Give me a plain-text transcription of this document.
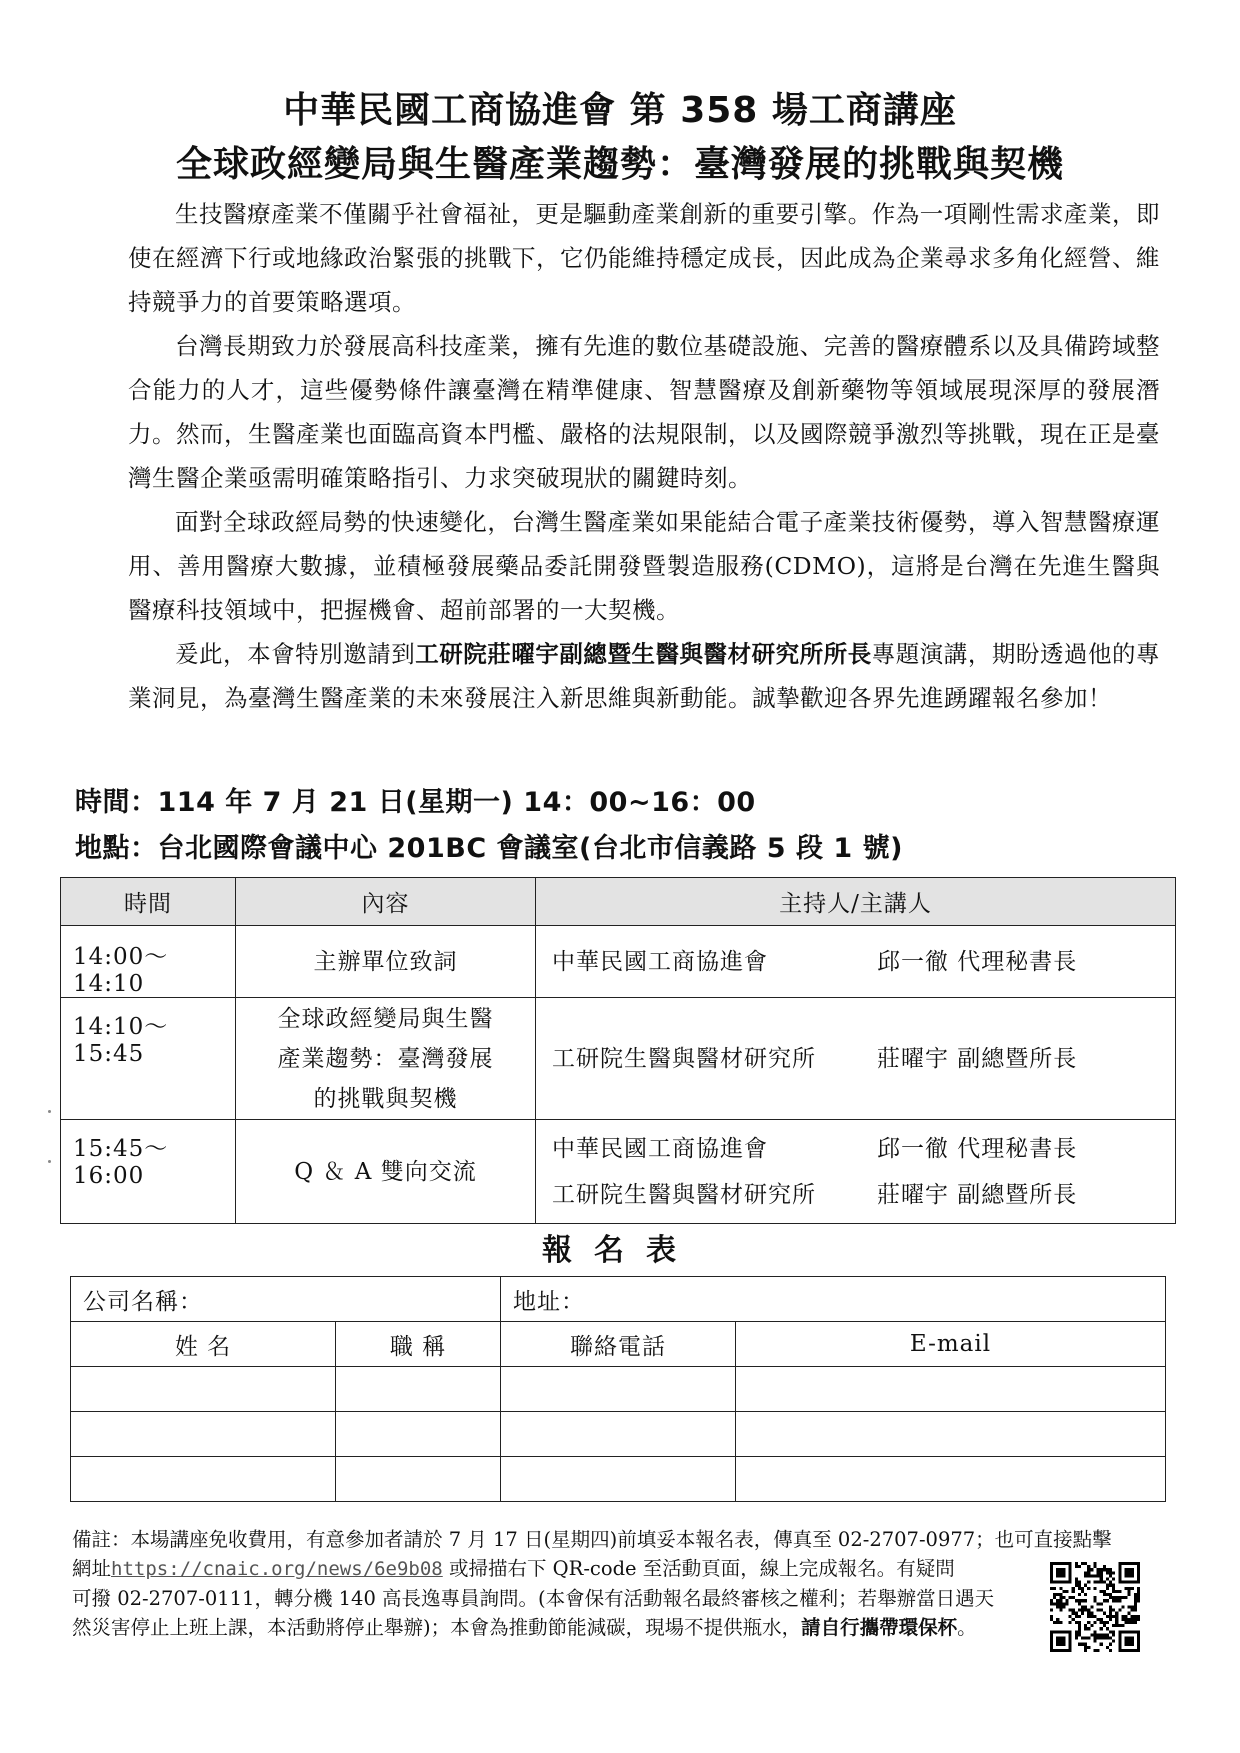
中華民國工商協進會 第 358 場工商講座
全球政經變局與生醫產業趨勢：臺灣發展的挑戰與契機

生技醫療產業不僅關乎社會福祉，更是驅動產業創新的重要引擎。作為一項剛性需求產業，即使在經濟下行或地緣政治緊張的挑戰下，它仍能維持穩定成長，因此成為企業尋求多角化經營、維持競爭力的首要策略選項。

台灣長期致力於發展高科技產業，擁有先進的數位基礎設施、完善的醫療體系以及具備跨域整合能力的人才，這些優勢條件讓臺灣在精準健康、智慧醫療及創新藥物等領域展現深厚的發展潛力。然而，生醫產業也面臨高資本門檻、嚴格的法規限制，以及國際競爭激烈等挑戰，現在正是臺灣生醫企業亟需明確策略指引、力求突破現狀的關鍵時刻。

面對全球政經局勢的快速變化，台灣生醫產業如果能結合電子產業技術優勢，導入智慧醫療運用、善用醫療大數據，並積極發展藥品委託開發暨製造服務(CDMO)，這將是台灣在先進生醫與醫療科技領域中，把握機會、超前部署的一大契機。

爰此，本會特別邀請到工研院莊曜宇副總暨生醫與醫材研究所所長專題演講，期盼透過他的專業洞見，為臺灣生醫產業的未來發展注入新思維與新動能。誠摯歡迎各界先進踴躍報名參加！

時間：114 年 7 月 21 日(星期一) 14：00~16：00
地點：台北國際會議中心 201BC 會議室(台北市信義路 5 段 1 號)
時間	內容	主持人/主講人
14:00～14:10	主辦單位致詞	中華民國工商協進會 邱一徹 代理秘書長
14:10～15:45	全球政經變局與生醫
產業趨勢：臺灣發展
的挑戰與契機	工研院生醫與醫材研究所 莊曜宇 副總暨所長
15:45～16:00	Q ＆ A 雙向交流	中華民國工商協進會 邱一徹 代理秘書長
工研院生醫與醫材研究所 莊曜宇 副總暨所長
報名表
公司名稱：		地址：	
姓 名	職 稱	聯絡電話	E-mail

備註：本場講座免收費用，有意參加者請於 7 月 17 日(星期四)前填妥本報名表，傳真至 02-2707-0977；也可直接點擊
網址https://cnaic.org/news/6e9b08 或掃描右下 QR-code 至活動頁面，線上完成報名。有疑問
可撥 02-2707-0111，轉分機 140 高長逸專員詢問。(本會保有活動報名最終審核之權利；若舉辦當日遇天
然災害停止上班上課，本活動將停止舉辦)；本會為推動節能減碳，現場不提供瓶水，請自行攜帶環保杯。
